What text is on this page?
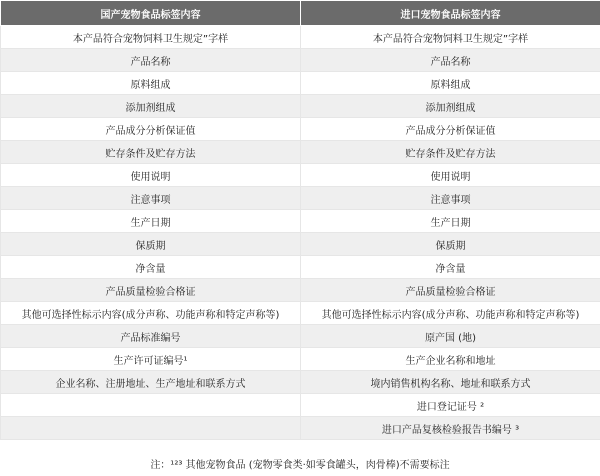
国产宠物食品标签内容	进口宠物食品标签内容
本产品符合宠物饲料卫生规定”字样	本产品符合宠物饲料卫生规定”字样
产品名称	产品名称
原料组成	原料组成
添加剂组成	添加剂组成
产品成分分析保证值	产品成分分析保证值
贮存条件及贮存方法	贮存条件及贮存方法
使用说明	使用说明
注意事项	注意事项
生产日期	生产日期
保质期	保质期
净含量	净含量
产品质量检验合格证	产品质量检验合格证
其他可选择性标示内容(成分声称、功能声称和特定声称等)	其他可选择性标示内容(成分声称、功能声称和特定声称等)
产品标准编号	原产国 (地)
生产许可证编号¹	生产企业名称和地址
企业名称、注册地址、生产地址和联系方式	境内销售机构名称、地址和联系方式
	进口登记证号 ²
	进口产品复核检验报告书编号 ³
注：¹²³ 其他宠物食品 (宠物零食类·如零食罐头，肉骨棒)不需要标注
